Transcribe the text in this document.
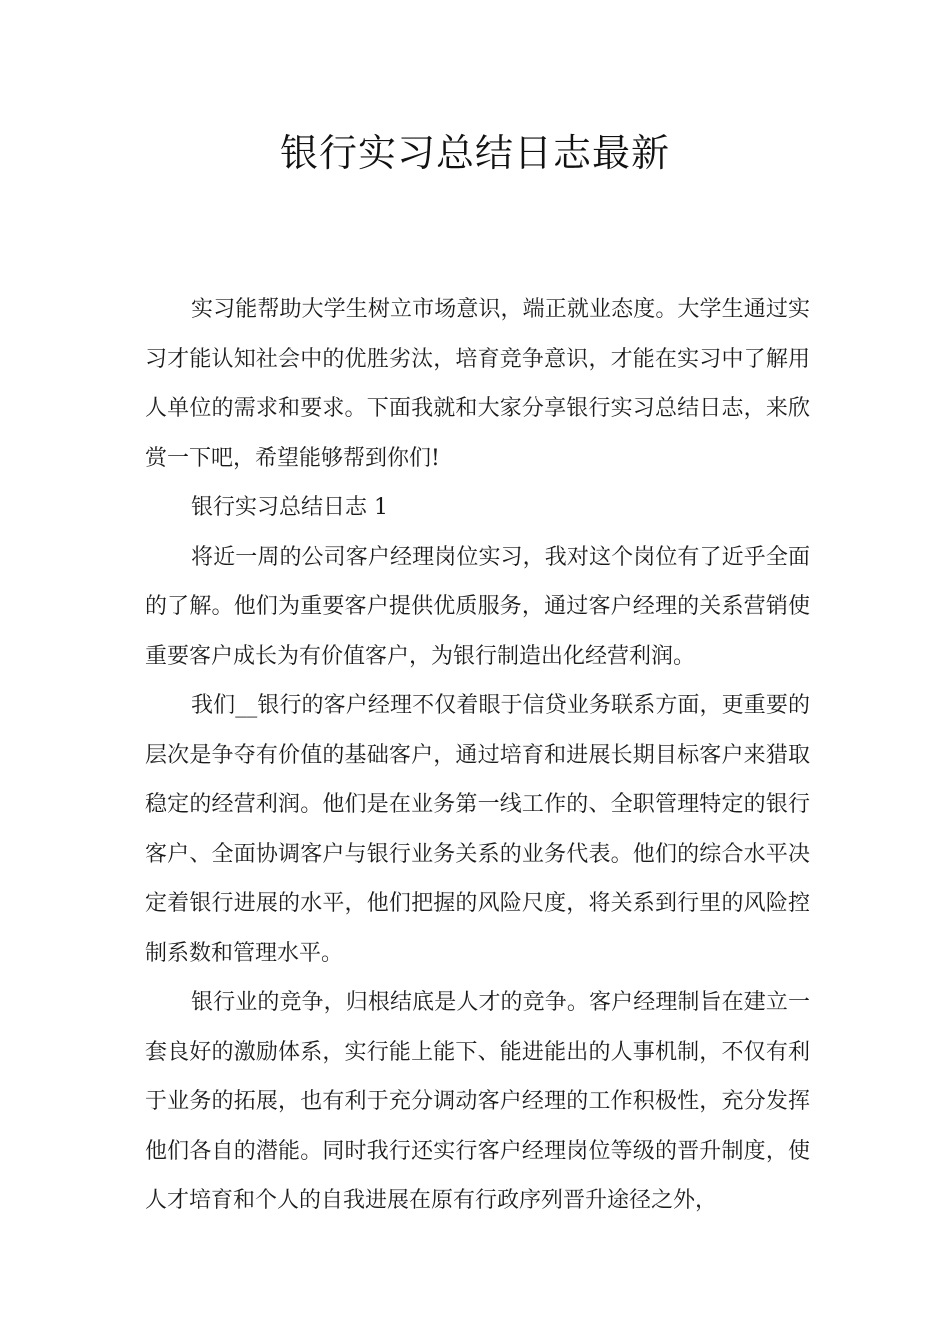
银行实习总结日志最新

实习能帮助大学生树立市场意识，端正就业态度。大学生通过实习才能认知社会中的优胜劣汰，培育竞争意识，才能在实习中了解用人单位的需求和要求。下面我就和大家分享银行实习总结日志，来欣赏一下吧，希望能够帮到你们!

银行实习总结日志 1

将近一周的公司客户经理岗位实习，我对这个岗位有了近乎全面的了解。他们为重要客户提供优质服务，通过客户经理的关系营销使重要客户成长为有价值客户，为银行制造出化经营利润。

我们__银行的客户经理不仅着眼于信贷业务联系方面，更重要的层次是争夺有价值的基础客户，通过培育和进展长期目标客户来猎取稳定的经营利润。他们是在业务第一线工作的、全职管理特定的银行客户、全面协调客户与银行业务关系的业务代表。他们的综合水平决定着银行进展的水平，他们把握的风险尺度，将关系到行里的风险控制系数和管理水平。

银行业的竞争，归根结底是人才的竞争。客户经理制旨在建立一套良好的激励体系，实行能上能下、能进能出的人事机制，不仅有利于业务的拓展，也有利于充分调动客户经理的工作积极性，充分发挥他们各自的潜能。同时我行还实行客户经理岗位等级的晋升制度，使人才培育和个人的自我进展在原有行政序列晋升途径之外，
